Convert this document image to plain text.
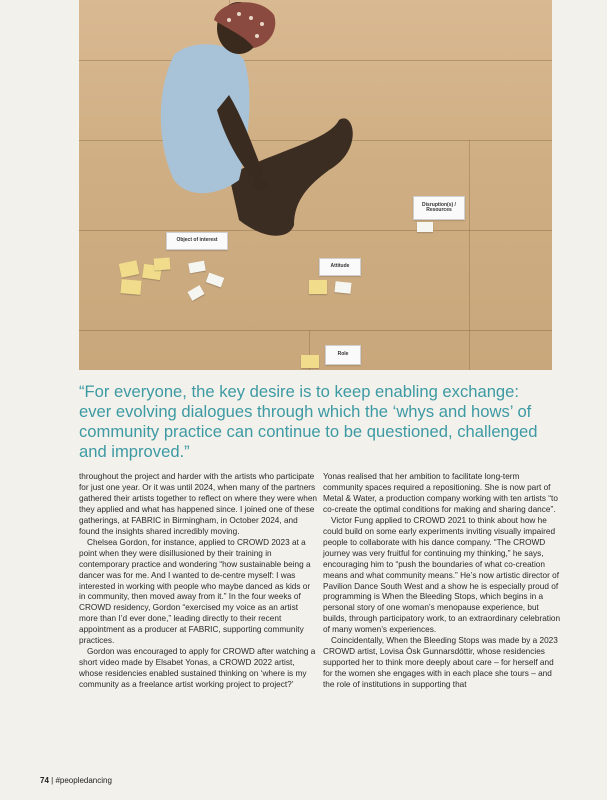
Object of interest
Disruption(s) / Resources
Attitude
Role

“For everyone, the key desire is to keep enabling exchange: ever evolving dialogues through which the ‘whys and hows’ of community practice can continue to be questioned, challenged and improved.”

throughout the project and harder with the artists who participate for just one year. Or it was until 2024, when many of the partners gathered their artists together to reflect on where they were when they applied and what has happened since. I joined one of these gatherings, at FABRIC in Birmingham, in October 2024, and found the insights shared incredibly moving.

Chelsea Gordon, for instance, applied to CROWD 2023 at a point when they were disillusioned by their training in contemporary practice and wondering “how sustainable being a dancer was for me. And I wanted to de-centre myself: I was interested in working with people who maybe danced as kids or in community, then moved away from it.” In the four weeks of CROWD residency, Gordon “exercised my voice as an artist more than I’d ever done,” leading directly to their recent appointment as a producer at FABRIC, supporting community practices.

Gordon was encouraged to apply for CROWD after watching a short video made by Elsabet Yonas, a CROWD 2022 artist, whose residencies enabled sustained thinking on ‘where is my community as a freelance artist working project to project?’

Yonas realised that her ambition to facilitate long-term community spaces required a repositioning. She is now part of Metal & Water, a production company working with ten artists “to co-create the optimal conditions for making and sharing dance”.

Victor Fung applied to CROWD 2021 to think about how he could build on some early experiments inviting visually impaired people to collaborate with his dance company. “The CROWD journey was very fruitful for continuing my thinking,” he says, encouraging him to “push the boundaries of what co-creation means and what community means.” He’s now artistic director of Pavilion Dance South West and a show he is especially proud of programming is When the Bleeding Stops, which begins in a personal story of one woman’s menopause experience, but builds, through participatory work, to an extraordinary celebration of many women’s experiences.

Coincidentally, When the Bleeding Stops was made by a 2023 CROWD artist, Lovisa Ósk Gunnarsdóttir, whose residencies supported her to think more deeply about care – for herself and for the women she engages with in each place she tours – and the role of institutions in supporting that

74 | #peopledancing
